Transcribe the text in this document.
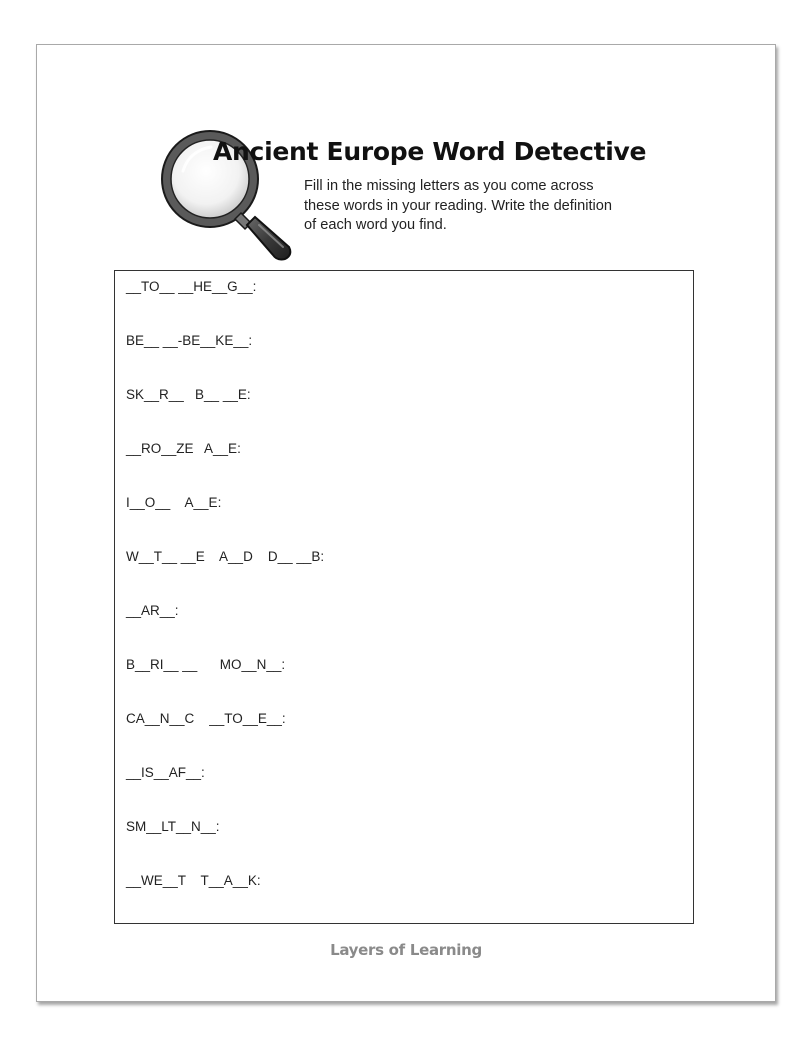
Ancient Europe Word Detective

Fill in the missing letters as you come across these words in your reading. Write the definition of each word you find.

__TO__ __HE__G__:

BE__ __-BE__KE__:

SK__R__   B__ __E:

__RO__ZE   A__E:

I__O__    A__E:

W__T__ __E    A__D    D__ __B:

__AR__:

B__RI__ __      MO__N__:

CA__N__C    __TO__E__:

__IS__AF__:

SM__LT__N__:

__WE__T    T__A__K:

Layers of Learning
